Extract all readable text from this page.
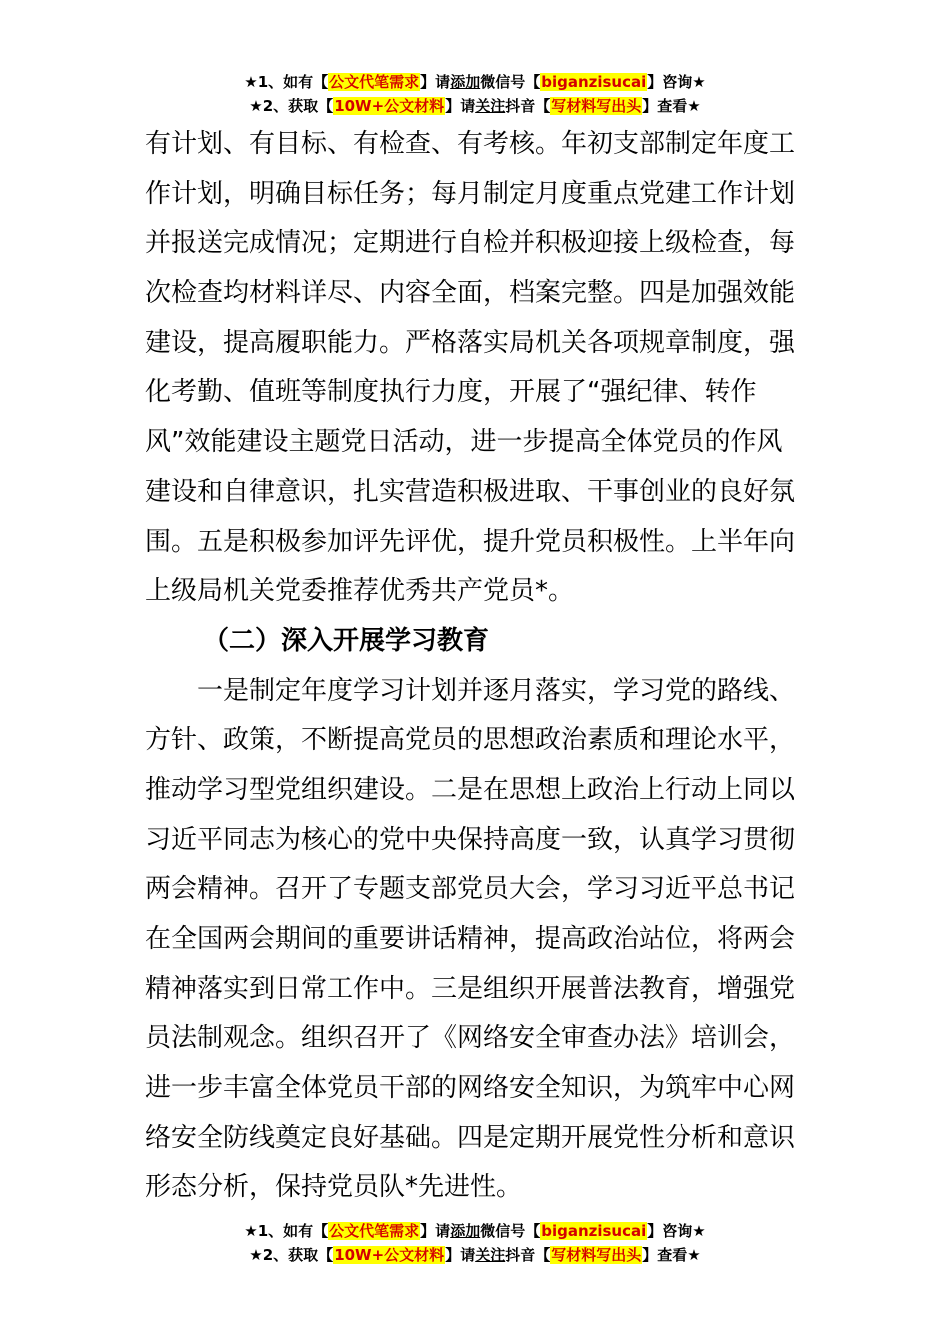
★1、如有【公文代笔需求】请添加微信号【biganzisucai】咨询★
★2、获取【10W+公文材料】请关注抖音【写材料写出头】查看★
有计划、有目标、有检查、有考核。年初支部制定年度工
作计划，明确目标任务；每月制定月度重点党建工作计划
并报送完成情况；定期进行自检并积极迎接上级检查，每
次检查均材料详尽、内容全面，档案完整。四是加强效能
建设，提高履职能力。严格落实局机关各项规章制度，强
化考勤、值班等制度执行力度，开展了“强纪律、转作
风”效能建设主题党日活动，进一步提高全体党员的作风
建设和自律意识，扎实营造积极进取、干事创业的良好氛
围。五是积极参加评先评优，提升党员积极性。上半年向
上级局机关党委推荐优秀共产党员*。
（二）深入开展学习教育
一是制定年度学习计划并逐月落实，学习党的路线、
方针、政策，不断提高党员的思想政治素质和理论水平，
推动学习型党组织建设。二是在思想上政治上行动上同以
习近平同志为核心的党中央保持高度一致，认真学习贯彻
两会精神。召开了专题支部党员大会，学习习近平总书记
在全国两会期间的重要讲话精神，提高政治站位，将两会
精神落实到日常工作中。三是组织开展普法教育，增强党
员法制观念。组织召开了《网络安全审查办法》培训会，
进一步丰富全体党员干部的网络安全知识，为筑牢中心网
络安全防线奠定良好基础。四是定期开展党性分析和意识
形态分析，保持党员队*先进性。
★1、如有【公文代笔需求】请添加微信号【biganzisucai】咨询★
★2、获取【10W+公文材料】请关注抖音【写材料写出头】查看★
